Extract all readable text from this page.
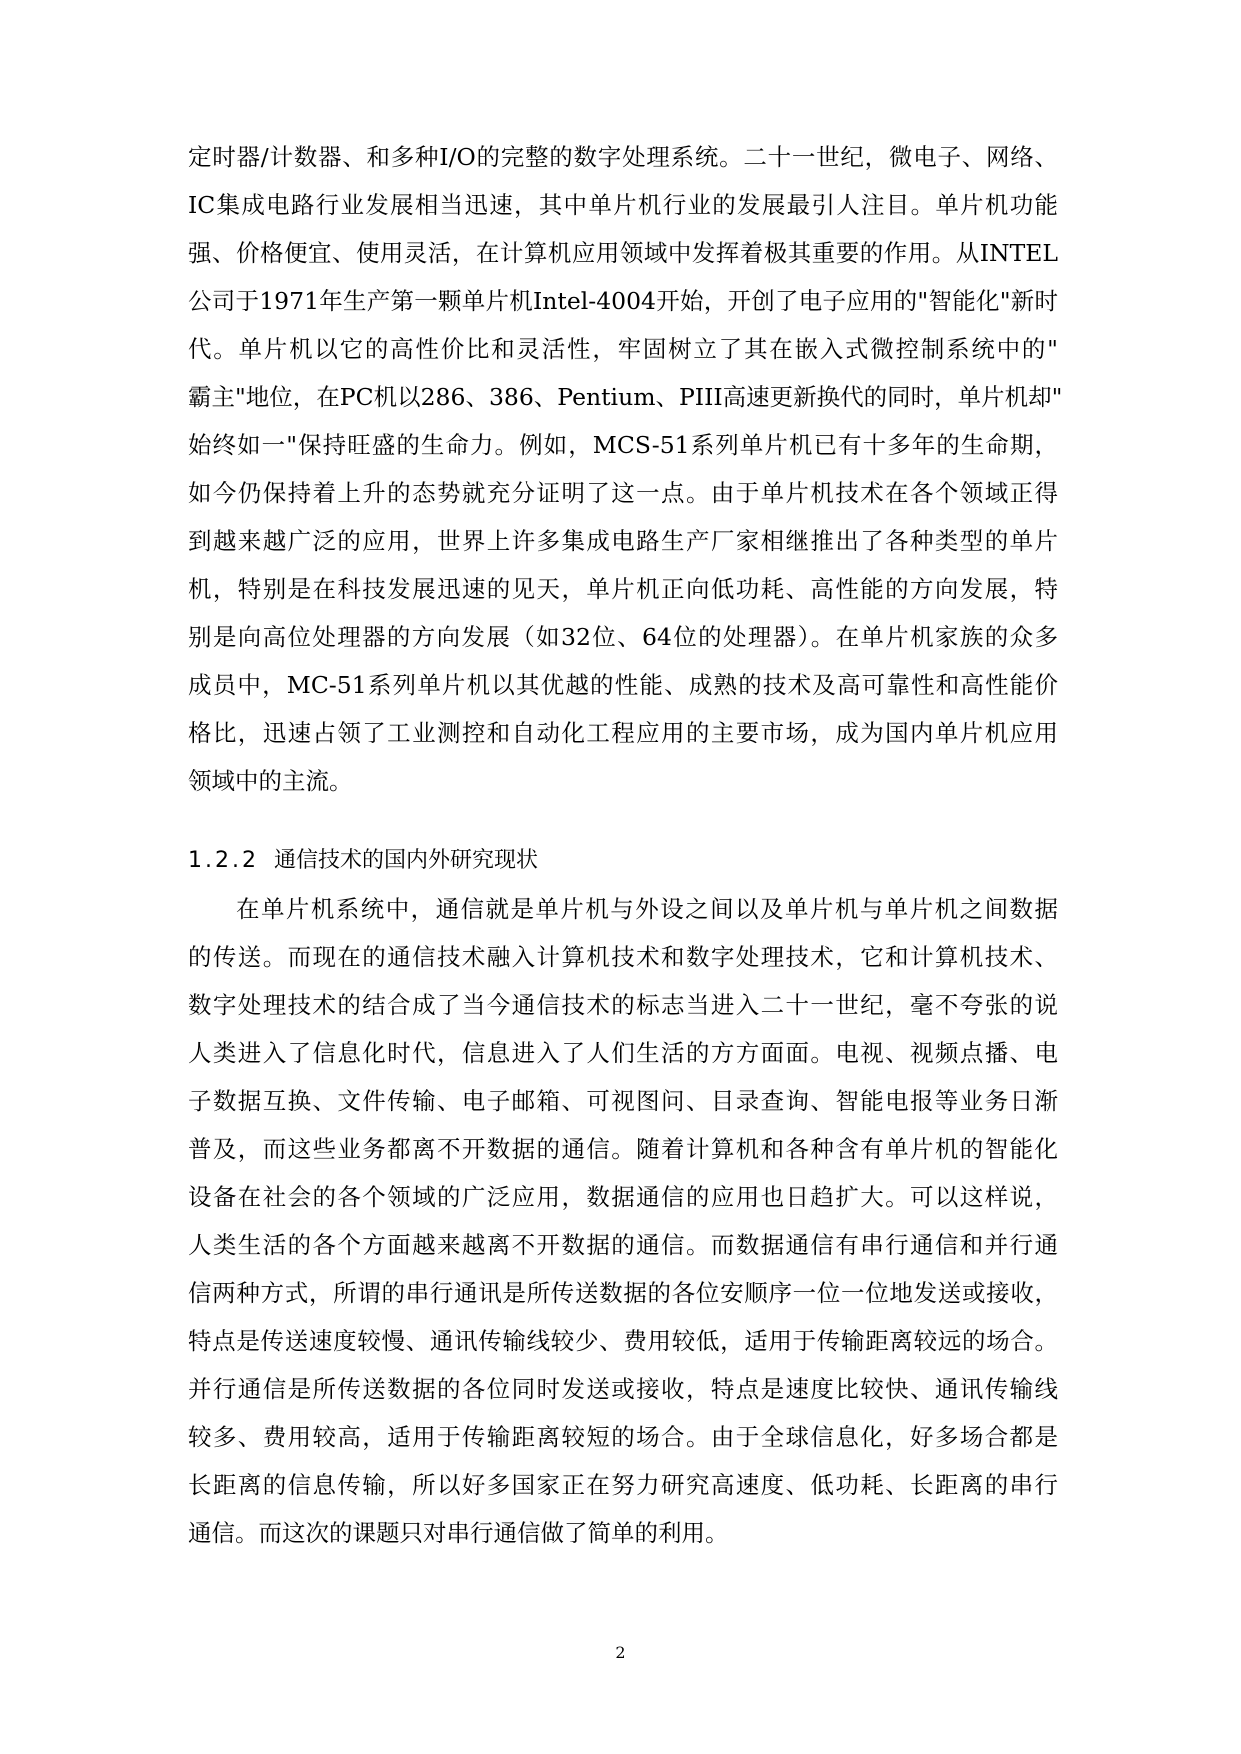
定时器/计数器、和多种I/O的完整的数字处理系统。二十一世纪，微电子、网络、
IC集成电路行业发展相当迅速，其中单片机行业的发展最引人注目。单片机功能
强、价格便宜、使用灵活，在计算机应用领域中发挥着极其重要的作用。从INTEL
公司于1971年生产第一颗单片机Intel-4004开始，开创了电子应用的"智能化"新时
代。单片机以它的高性价比和灵活性，牢固树立了其在嵌入式微控制系统中的"
霸主"地位，在PC机以286、386、Pentium、PIII高速更新换代的同时，单片机却"
始终如一"保持旺盛的生命力。例如，MCS-51系列单片机已有十多年的生命期，
如今仍保持着上升的态势就充分证明了这一点。由于单片机技术在各个领域正得
到越来越广泛的应用，世界上许多集成电路生产厂家相继推出了各种类型的单片
机，特别是在科技发展迅速的见天，单片机正向低功耗、高性能的方向发展，特
别是向高位处理器的方向发展（如32位、64位的处理器）。在单片机家族的众多
成员中，MC-51系列单片机以其优越的性能、成熟的技术及高可靠性和高性能价
格比，迅速占领了工业测控和自动化工程应用的主要市场，成为国内单片机应用
领域中的主流。
1.2.2 通信技术的国内外研究现状
在单片机系统中，通信就是单片机与外设之间以及单片机与单片机之间数据
的传送。而现在的通信技术融入计算机技术和数字处理技术，它和计算机技术、
数字处理技术的结合成了当今通信技术的标志当进入二十一世纪，毫不夸张的说
人类进入了信息化时代，信息进入了人们生活的方方面面。电视、视频点播、电
子数据互换、文件传输、电子邮箱、可视图问、目录查询、智能电报等业务日渐
普及，而这些业务都离不开数据的通信。随着计算机和各种含有单片机的智能化
设备在社会的各个领域的广泛应用，数据通信的应用也日趋扩大。可以这样说，
人类生活的各个方面越来越离不开数据的通信。而数据通信有串行通信和并行通
信两种方式，所谓的串行通讯是所传送数据的各位安顺序一位一位地发送或接收，
特点是传送速度较慢、通讯传输线较少、费用较低，适用于传输距离较远的场合。
并行通信是所传送数据的各位同时发送或接收，特点是速度比较快、通讯传输线
较多、费用较高，适用于传输距离较短的场合。由于全球信息化，好多场合都是
长距离的信息传输，所以好多国家正在努力研究高速度、低功耗、长距离的串行
通信。而这次的课题只对串行通信做了简单的利用。
2
